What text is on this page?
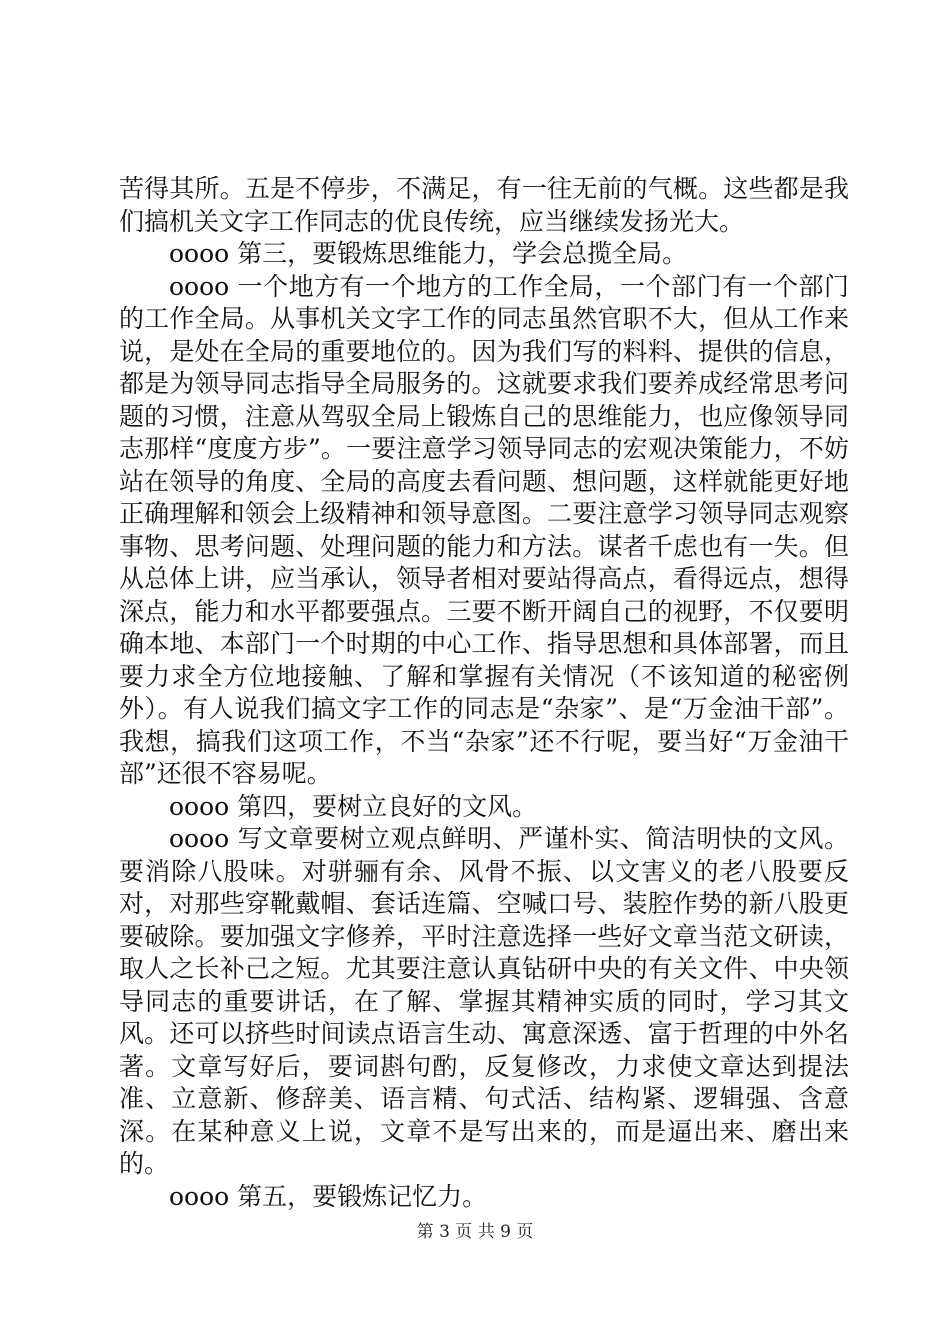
苦得其所。五是不停步，不满足，有一往无前的气概。这些都是我们搞机关文字工作同志的优良传统，应当继续发扬光大。

oooo 第三，要锻炼思维能力，学会总揽全局。

oooo 一个地方有一个地方的工作全局，一个部门有一个部门的工作全局。从事机关文字工作的同志虽然官职不大，但从工作来说，是处在全局的重要地位的。因为我们写的料料、提供的信息，都是为领导同志指导全局服务的。这就要求我们要养成经常思考问题的习惯，注意从驾驭全局上锻炼自己的思维能力，也应像领导同志那样“度度方步”。一要注意学习领导同志的宏观决策能力，不妨站在领导的角度、全局的高度去看问题、想问题，这样就能更好地正确理解和领会上级精神和领导意图。二要注意学习领导同志观察事物、思考问题、处理问题的能力和方法。谋者千虑也有一失。但从总体上讲，应当承认，领导者相对要站得高点，看得远点，想得深点，能力和水平都要强点。三要不断开阔自己的视野，不仅要明确本地、本部门一个时期的中心工作、指导思想和具体部署，而且要力求全方位地接触、了解和掌握有关情况（不该知道的秘密例外）。有人说我们搞文字工作的同志是“杂家”、是“万金油干部”。我想，搞我们这项工作，不当“杂家”还不行呢，要当好“万金油干部”还很不容易呢。

oooo 第四，要树立良好的文风。

oooo 写文章要树立观点鲜明、严谨朴实、简洁明快的文风。要消除八股味。对骈骊有余、风骨不振、以文害义的老八股要反对，对那些穿靴戴帽、套话连篇、空喊口号、装腔作势的新八股更要破除。要加强文字修养，平时注意选择一些好文章当范文研读，取人之长补己之短。尤其要注意认真钻研中央的有关文件、中央领导同志的重要讲话，在了解、掌握其精神实质的同时，学习其文风。还可以挤些时间读点语言生动、寓意深透、富于哲理的中外名著。文章写好后，要词斟句酌，反复修改，力求使文章达到提法准、立意新、修辞美、语言精、句式活、结构紧、逻辑强、含意深。在某种意义上说，文章不是写出来的，而是逼出来、磨出来的。

oooo 第五，要锻炼记忆力。

第 3 页 共 9 页
